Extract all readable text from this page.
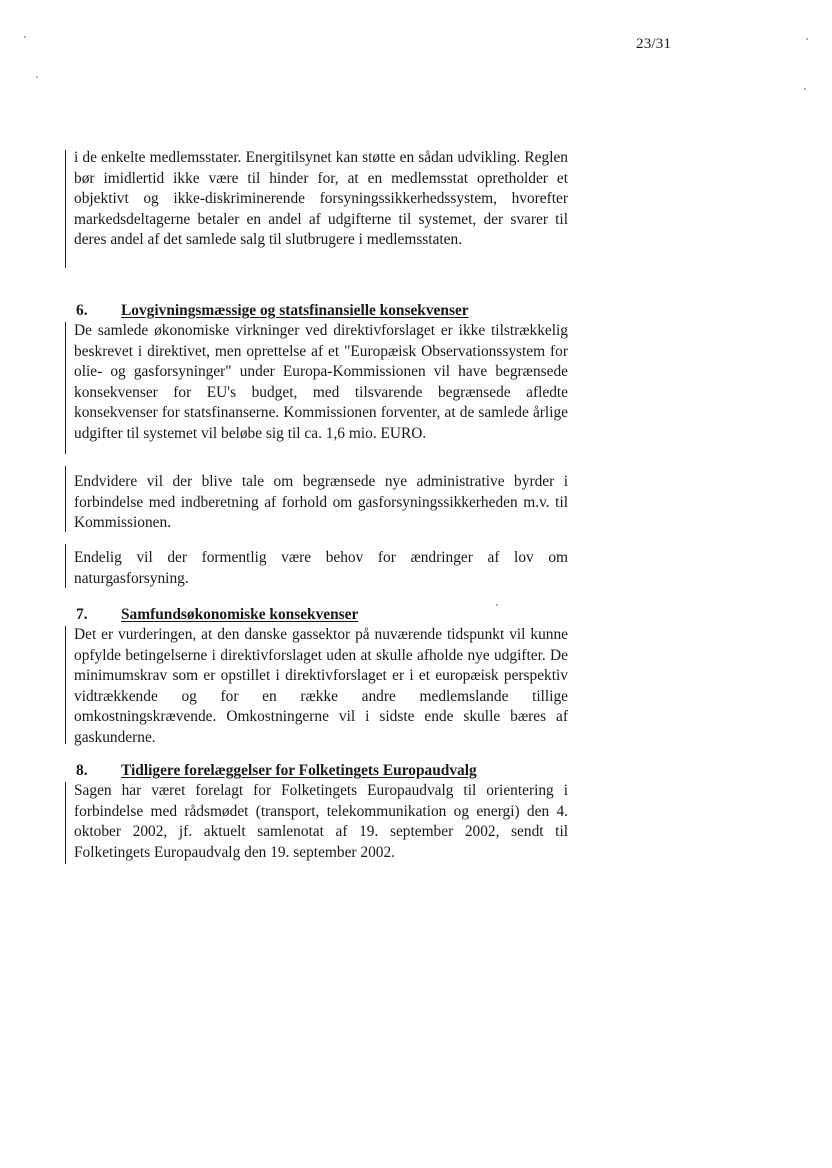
23/31

i de enkelte medlemsstater. Energitilsynet kan støtte en sådan udvikling. Reglen bør imidlertid ikke være til hinder for, at en medlemsstat opretholder et objektivt og ikke-diskriminerende forsyningssikkerhedssystem, hvorefter markedsdeltagerne betaler en andel af udgifterne til systemet, der svarer til deres andel af det samlede salg til slutbrugere i medlemsstaten.

6. Lovgivningsmæssige og statsfinansielle konsekvenser

De samlede økonomiske virkninger ved direktivforslaget er ikke tilstrækkelig beskrevet i direktivet, men oprettelse af et "Europæisk Observationssystem for olie- og gasforsyninger" under Europa-Kommissionen vil have begrænsede konsekvenser for EU's budget, med tilsvarende begrænsede afledte konsekvenser for statsfinanserne. Kommissionen forventer, at de samlede årlige udgifter til systemet vil beløbe sig til ca. 1,6 mio. EURO.

Endvidere vil der blive tale om begrænsede nye administrative byrder i forbindelse med indberetning af forhold om gasforsyningssikkerheden m.v. til Kommissionen.

Endelig vil der formentlig være behov for ændringer af lov om naturgasforsyning.

7. Samfundsøkonomiske konsekvenser

Det er vurderingen, at den danske gassektor på nuværende tidspunkt vil kunne opfylde betingelserne i direktivforslaget uden at skulle afholde nye udgifter. De minimumskrav som er opstillet i direktivforslaget er i et europæisk perspektiv vidtrækkende og for en række andre medlemslande tillige omkostningskrævende. Omkostningerne vil i sidste ende skulle bæres af gaskunderne.

8. Tidligere forelæggelser for Folketingets Europaudvalg

Sagen har været forelagt for Folketingets Europaudvalg til orientering i forbindelse med rådsmødet (transport, telekommunikation og energi) den 4. oktober 2002, jf. aktuelt samlenotat af 19. september 2002, sendt til Folketingets Europaudvalg den 19. september 2002.
